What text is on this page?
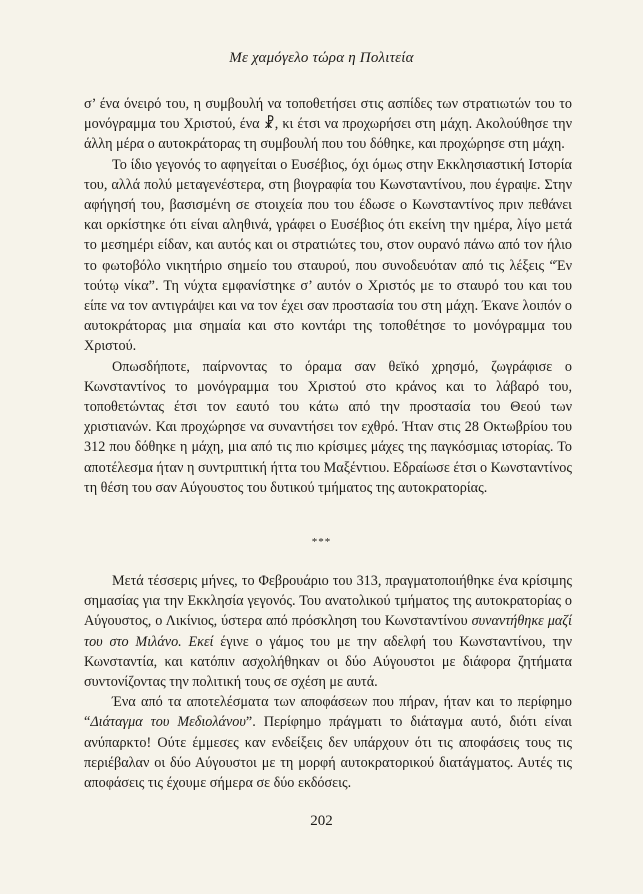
Με χαμόγελο τώρα η Πολιτεία

σ’ ένα όνειρό του, η συμβουλή να τοποθετήσει στις ασπίδες των στρατιωτών του το μονόγραμμα του Χριστού, ένα ☧, κι έτσι να προχωρήσει στη μάχη. Ακολούθησε την άλλη μέρα ο αυτοκράτορας τη συμβουλή που του δόθηκε, και προχώρησε στη μάχη.

Το ίδιο γεγονός το αφηγείται ο Ευσέβιος, όχι όμως στην Εκκλησιαστική Ιστορία του, αλλά πολύ μεταγενέστερα, στη βιογραφία του Κωνσταντίνου, που έγραψε. Στην αφήγησή του, βασισμένη σε στοιχεία που του έδωσε ο Κωνσταντίνος πριν πεθάνει και ορκίστηκε ότι είναι αληθινά, γράφει ο Ευσέβιος ότι εκείνη την ημέρα, λίγο μετά το μεσημέρι είδαν, και αυτός και οι στρατιώτες του, στον ουρανό πάνω από τον ήλιο το φωτοβόλο νικητήριο σημείο του σταυρού, που συνοδευόταν από τις λέξεις “Έν τούτῳ νίκα”. Τη νύχτα εμφανίστηκε σ’ αυτόν ο Χριστός με το σταυρό του και του είπε να τον αντιγράψει και να τον έχει σαν προστασία του στη μάχη. Έκανε λοιπόν ο αυτοκράτορας μια σημαία και στο κοντάρι της τοποθέτησε το μονόγραμμα του Χριστού.

Οπωσδήποτε, παίρνοντας το όραμα σαν θεϊκό χρησμό, ζωγράφισε ο Κωνσταντίνος το μονόγραμμα του Χριστού στο κράνος και το λάβαρό του, τοποθετώντας έτσι τον εαυτό του κάτω από την προστασία του Θεού των χριστιανών. Και προχώρησε να συναντήσει τον εχθρό. Ήταν στις 28 Οκτωβρίου του 312 που δόθηκε η μάχη, μια από τις πιο κρίσιμες μάχες της παγκόσμιας ιστορίας. Το αποτέλεσμα ήταν η συντριπτική ήττα του Μαξέντιου. Εδραίωσε έτσι ο Κωνσταντίνος τη θέση του σαν Αύγουστος του δυτικού τμήματος της αυτοκρατορίας.

***

Μετά τέσσερις μήνες, το Φεβρουάριο του 313, πραγματοποιήθηκε ένα κρίσιμης σημασίας για την Εκκλησία γεγονός. Του ανατολικού τμήματος της αυτοκρατορίας ο Αύγουστος, ο Λικίνιος, ύστερα από πρόσκληση του Κωνσταντίνου συναντήθηκε μαζί του στο Μιλάνο. Εκεί έγινε ο γάμος του με την αδελφή του Κωνσταντίνου, την Κωνσταντία, και κατόπιν ασχολήθηκαν οι δύο Αύγουστοι με διάφορα ζητήματα συντονίζοντας την πολιτική τους σε σχέση με αυτά.

Ένα από τα αποτελέσματα των αποφάσεων που πήραν, ήταν και το περίφημο “Διάταγμα του Μεδιολάνου”. Περίφημο πράγματι το διάταγμα αυτό, διότι είναι ανύπαρκτο! Ούτε έμμεσες καν ενδείξεις δεν υπάρχουν ότι τις αποφάσεις τους τις περιέβαλαν οι δύο Αύγουστοι με τη μορφή αυτοκρατορικού διατάγματος. Αυτές τις αποφάσεις τις έχουμε σήμερα σε δύο εκδόσεις.

202
